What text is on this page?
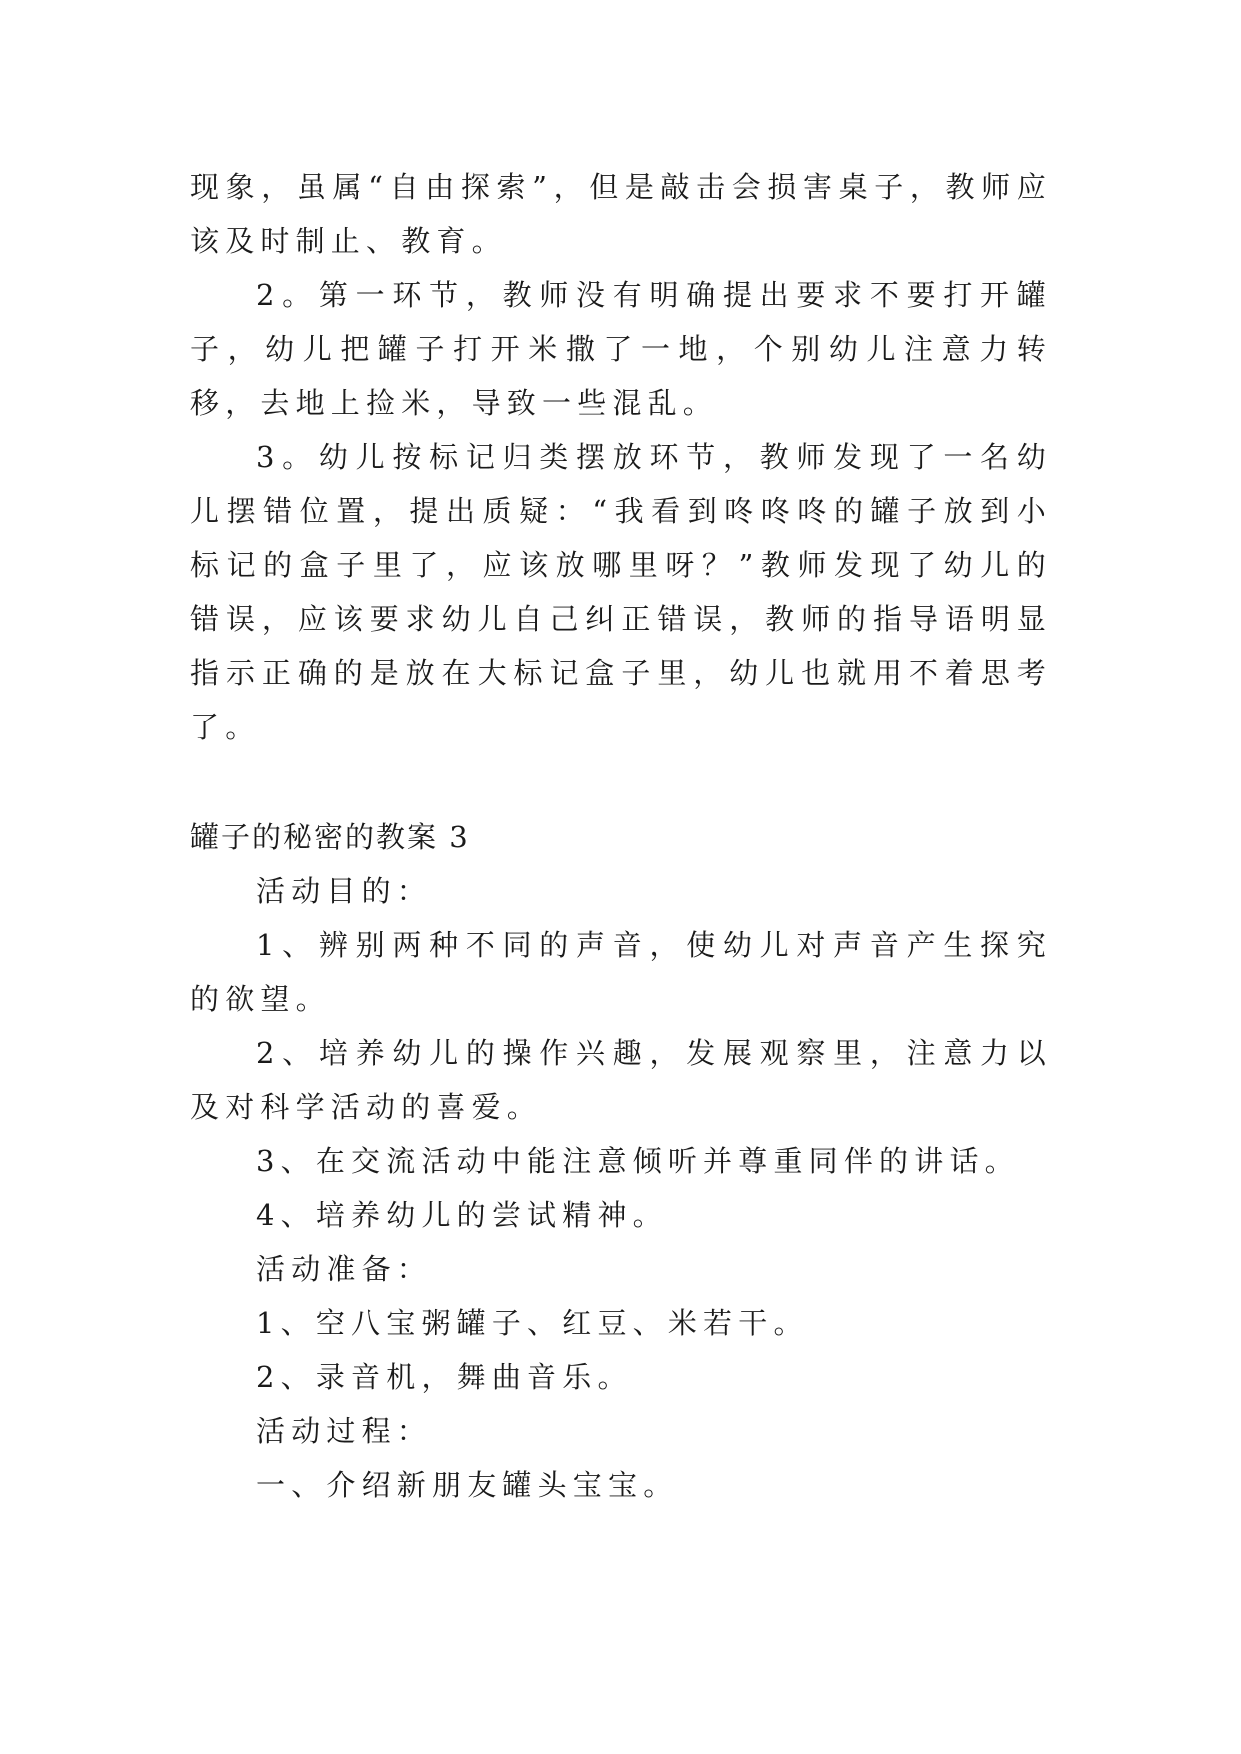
现象，虽属“自由探索”，但是敲击会损害桌子，教师应该及时制止、教育。

2。第一环节，教师没有明确提出要求不要打开罐子，幼儿把罐子打开米撒了一地，个别幼儿注意力转移，去地上捡米，导致一些混乱。

3。幼儿按标记归类摆放环节，教师发现了一名幼儿摆错位置，提出质疑：“我看到咚咚咚的罐子放到小标记的盒子里了，应该放哪里呀？”教师发现了幼儿的错误，应该要求幼儿自己纠正错误，教师的指导语明显指示正确的是放在大标记盒子里，幼儿也就用不着思考了。

罐子的秘密的教案 3

活动目的：

1、辨别两种不同的声音，使幼儿对声音产生探究的欲望。

2、培养幼儿的操作兴趣，发展观察里，注意力以及对科学活动的喜爱。

3、在交流活动中能注意倾听并尊重同伴的讲话。

4、培养幼儿的尝试精神。

活动准备：

1、空八宝粥罐子、红豆、米若干。

2、录音机，舞曲音乐。

活动过程：

一、介绍新朋友罐头宝宝。
